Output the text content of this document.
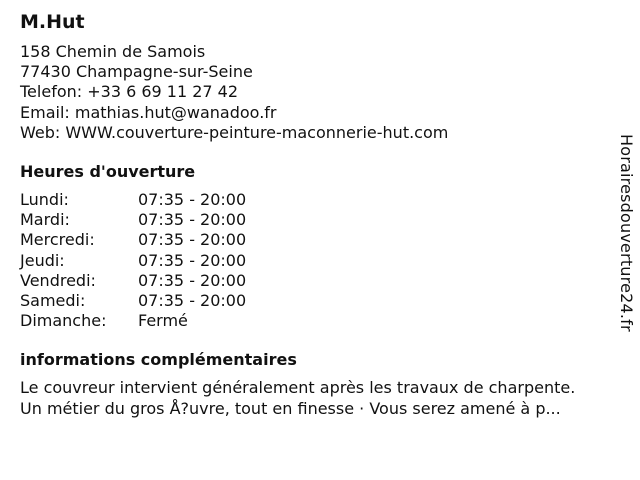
M.Hut
158 Chemin de Samois
77430 Champagne-sur-Seine
Telefon: +33 6 69 11 27 42
Email: mathias.hut@wanadoo.fr
Web: WWW.couverture-peinture-maconnerie-hut.com
Heures d'ouverture
Lundi:	07:35 - 20:00
Mardi:	07:35 - 20:00
Mercredi:	07:35 - 20:00
Jeudi:	07:35 - 20:00
Vendredi:	07:35 - 20:00
Samedi:	07:35 - 20:00
Dimanche:	Fermé
informations complémentaires
Le couvreur intervient généralement après les travaux de charpente.
Un métier du gros Å?uvre, tout en finesse · Vous serez amené à p...
Horairesdouverture24.fr
